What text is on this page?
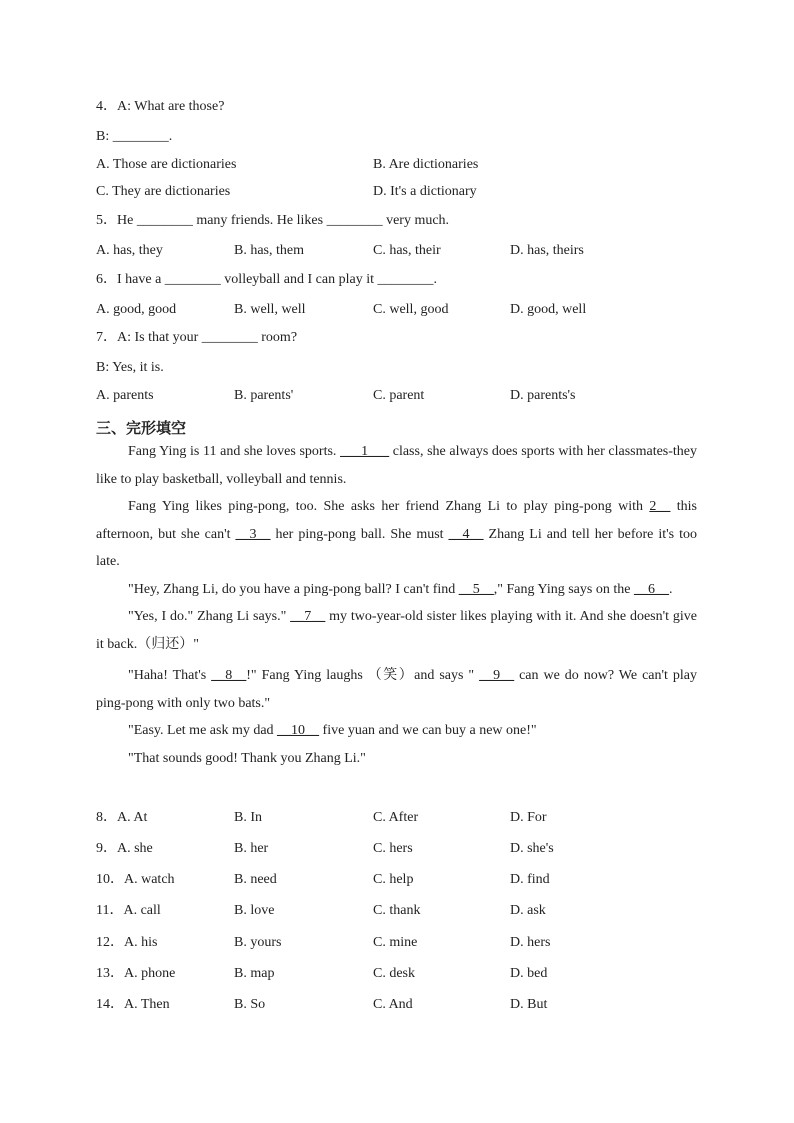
4．A: What are those?
B: ________.
A. Those are dictionaries	B. Are dictionaries
C. They are dictionaries	D. It's a dictionary
5．He ________ many friends. He likes ________ very much.
A. has, they	B. has, them	C. has, their	D. has, theirs
6．I have a ________ volleyball and I can play it ________.
A. good, good	B. well, well	C. well, good	D. good, well
7．A: Is that your ________ room?
B: Yes, it is.
A. parents	B. parents'	C. parent	D. parents's
三、完形填空

Fang Ying is 11 and she loves sports. ___1___ class, she always does sports with her classmates-they like to play basketball, volleyball and tennis.

Fang Ying likes ping-pong, too. She asks her friend Zhang Li to play ping-pong with 2__ this afternoon, but she can't __3__ her ping-pong ball. She must __4__ Zhang Li and tell her before it's too late.

"Hey, Zhang Li, do you have a ping-pong ball? I can't find __5__," Fang Ying says on the __6__.

"Yes, I do." Zhang Li says." __7__ my two-year-old sister likes playing with it. And she doesn't give it back.（归还）"

"Haha! That's __8__!" Fang Ying laughs （笑）and says " __9__ can we do now? We can't play ping-pong with only two bats."

"Easy. Let me ask my dad __10__ five yuan and we can buy a new one!"

"That sounds good! Thank you Zhang Li."

8．A. At	B. In	C. After	D. For
9．A. she	B. her	C. hers	D. she's
10．A. watch	B. need	C. help	D. find
11．A. call	B. love	C. thank	D. ask
12．A. his	B. yours	C. mine	D. hers
13．A. phone	B. map	C. desk	D. bed
14．A. Then	B. So	C. And	D. But
